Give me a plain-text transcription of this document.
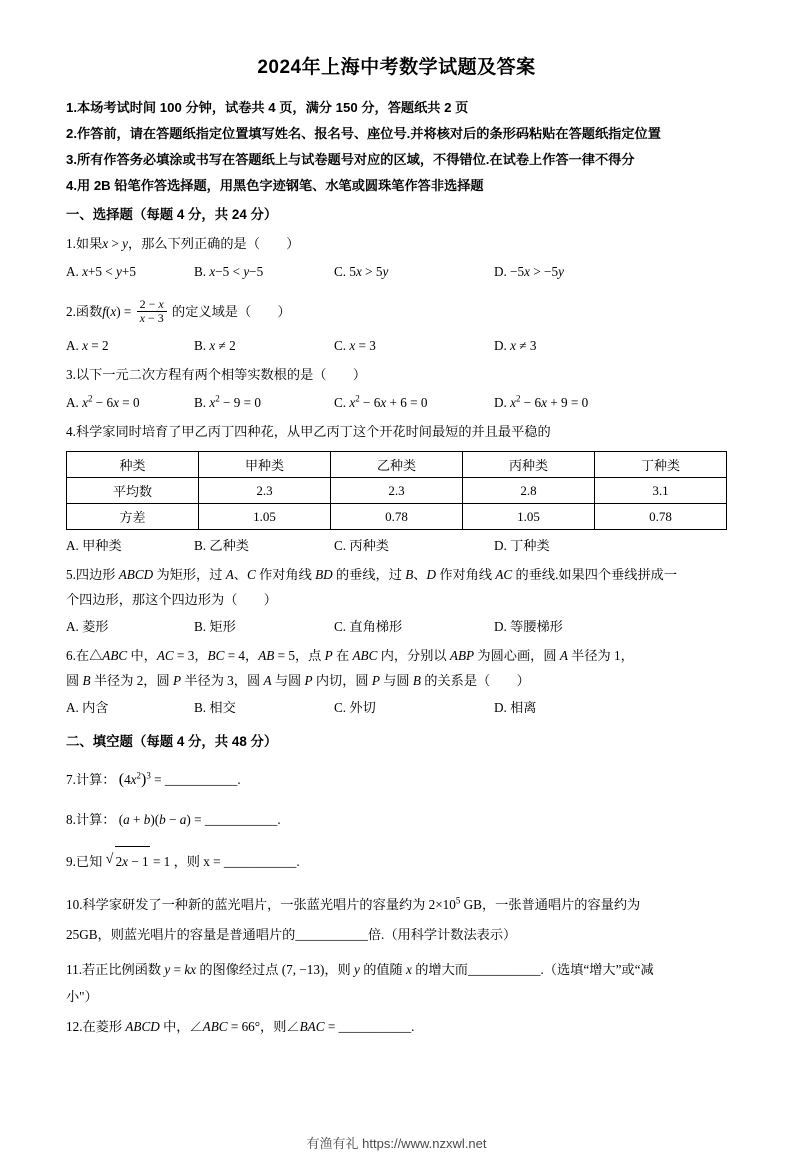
2024年上海中考数学试题及答案
1.本场考试时间 100 分钟，试卷共 4 页，满分 150 分，答题纸共 2 页
2.作答前，请在答题纸指定位置填写姓名、报名号、座位号.并将核对后的条形码粘贴在答题纸指定位置
3.所有作答务必填涂或书写在答题纸上与试卷题号对应的区域，不得错位.在试卷上作答一律不得分
4.用 2B 铅笔作答选择题，用黑色字迹钢笔、水笔或圆珠笔作答非选择题
一、选择题（每题 4 分，共 24 分）
1.如果x > y，那么下列正确的是（　　）
A. x+5 < y+5	B. x−5 < y−5	C. 5x > 5y	D. −5x > −5y
2.函数$f(x) = \frac{2 - x}{x - 3}$ 的定义域是（　　）
A. x = 2	B. x ≠ 2	C. x = 3	D. x ≠ 3
3.以下一元二次方程有两个相等实数根的是（　　）
A. $x^2 - 6x = 0$	B. $x^2 - 9 = 0$	C. $x^2 - 6x + 6 = 0$	D. $x^2 - 6x + 9 = 0$
4.科学家同时培育了甲乙丙丁四种花，从甲乙丙丁这个开花时间最短的并且最平稳的
种类	甲种类	乙种类	丙种类	丁种类
平均数	2.3	2.3	2.8	3.1
方差	1.05	0.78	1.05	0.78
A. 甲种类	B. 乙种类	C. 丙种类	D. 丁种类
5.四边形 ABCD 为矩形，过 A、C 作对角线 BD 的垂线，过 B、D 作对角线 AC 的垂线.如果四个垂线拼成一
个四边形，那这个四边形为（　　）
A. 菱形	B. 矩形	C. 直角梯形	D. 等腰梯形
6.在△ABC 中，AC = 3，BC = 4，AB = 5，点 P 在 ABC 内，分别以 ABP 为圆心画，圆 A 半径为 1，
圆 B 半径为 2，圆 P 半径为 3，圆 A 与圆 P 内切，圆 P 与圆 B 的关系是（　　）
A. 内含	B. 相交	C. 外切	D. 相离
二、填空题（每题 4 分，共 48 分）
7.计算： $(4x^2)^3$ = ___________.
8.计算： (a + b)(b − a) = ___________.
9.已知 √ 2x − 1 = 1 ，则 x = ___________.
10.科学家研发了一种新的蓝光唱片，一张蓝光唱片的容量约为 $2\times 10^5$ GB，一张普通唱片的容量约为
25GB，则蓝光唱片的容量是普通唱片的___________倍.（用科学计数法表示）
11.若正比例函数 y = kx 的图像经过点 (7, −13)，则 y 的值随 x 的增大而___________.（选填“增大”或“减
小"）
12.在菱形 ABCD 中，∠ABC = 66°，则∠BAC = ___________.
有渔有礼 https://www.nzxwl.net
